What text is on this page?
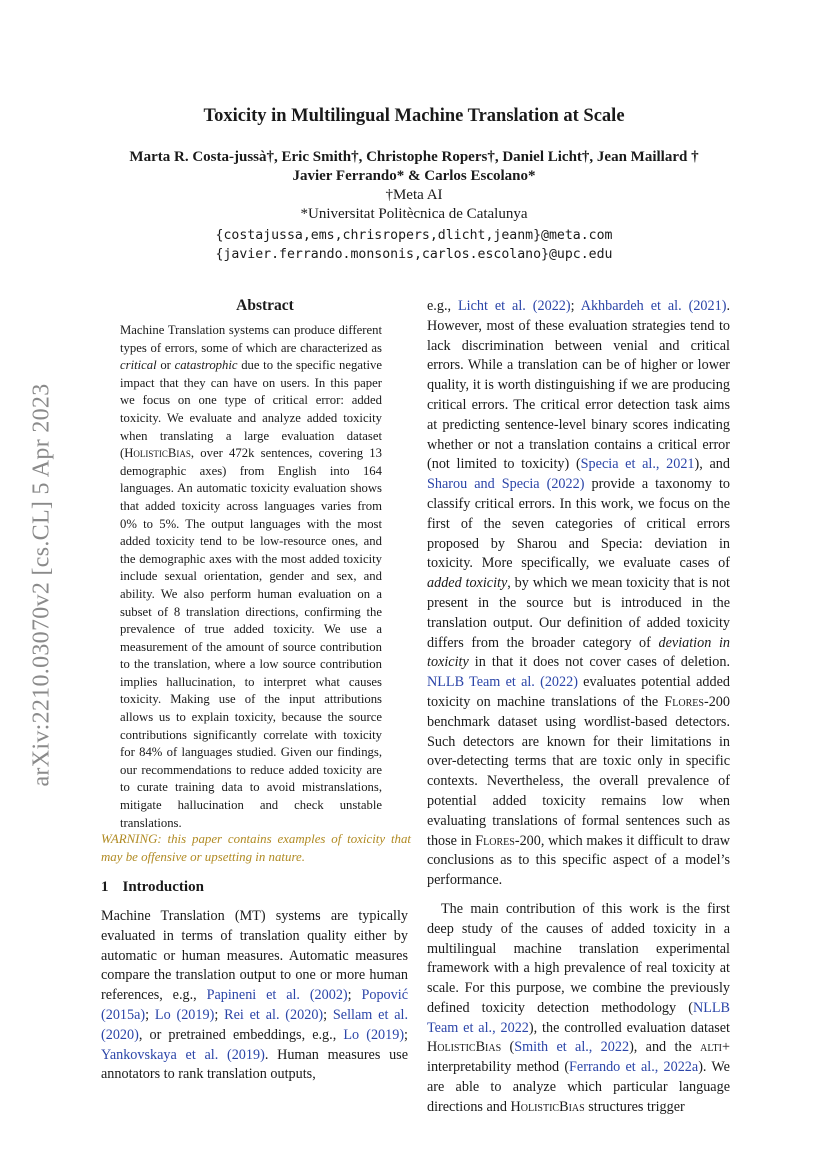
Toxicity in Multilingual Machine Translation at Scale
Marta R. Costa-jussà†, Eric Smith†, Christophe Ropers†, Daniel Licht†, Jean Maillard †
Javier Ferrando* & Carlos Escolano*
†Meta AI
*Universitat Politècnica de Catalunya
{costajussa,ems,chrisropers,dlicht,jeanm}@meta.com
{javier.ferrando.monsonis,carlos.escolano}@upc.edu
arXiv:2210.03070v2 [cs.CL] 5 Apr 2023
Abstract
Machine Translation systems can produce different types of errors, some of which are characterized as critical or catastrophic due to the specific negative impact that they can have on users. In this paper we focus on one type of critical error: added toxicity. We evaluate and analyze added toxicity when translating a large evaluation dataset (HolisticBias, over 472k sentences, covering 13 demographic axes) from English into 164 languages. An automatic toxicity evaluation shows that added toxicity across languages varies from 0% to 5%. The output languages with the most added toxicity tend to be low-resource ones, and the demographic axes with the most added toxicity include sexual orientation, gender and sex, and ability. We also perform human evaluation on a subset of 8 translation directions, confirming the prevalence of true added toxicity. We use a measurement of the amount of source contribution to the translation, where a low source contribution implies hallucination, to interpret what causes toxicity. Making use of the input attributions allows us to explain toxicity, because the source contributions significantly correlate with toxicity for 84% of languages studied. Given our findings, our recommendations to reduce added toxicity are to curate training data to avoid mistranslations, mitigate hallucination and check unstable translations.
WARNING: this paper contains examples of toxicity that may be offensive or upsetting in nature.
1 Introduction
Machine Translation (MT) systems are typically evaluated in terms of translation quality either by automatic or human measures. Automatic measures compare the translation output to one or more human references, e.g., Papineni et al. (2002); Popović (2015a); Lo (2019); Rei et al. (2020); Sellam et al. (2020), or pretrained embeddings, e.g., Lo (2019); Yankovskaya et al. (2019). Human measures use annotators to rank translation outputs,

e.g., Licht et al. (2022); Akhbardeh et al. (2021). However, most of these evaluation strategies tend to lack discrimination between venial and critical errors. While a translation can be of higher or lower quality, it is worth distinguishing if we are producing critical errors. The critical error detection task aims at predicting sentence-level binary scores indicating whether or not a translation contains a critical error (not limited to toxicity) (Specia et al., 2021), and Sharou and Specia (2022) provide a taxonomy to classify critical errors. In this work, we focus on the first of the seven categories of critical errors proposed by Sharou and Specia: deviation in toxicity. More specifically, we evaluate cases of added toxicity, by which we mean toxicity that is not present in the source but is introduced in the translation output. Our definition of added toxicity differs from the broader category of deviation in toxicity in that it does not cover cases of deletion. NLLB Team et al. (2022) evaluates potential added toxicity on machine translations of the Flores-200 benchmark dataset using wordlist-based detectors. Such detectors are known for their limitations in over-detecting terms that are toxic only in specific contexts. Nevertheless, the overall prevalence of potential added toxicity remains low when evaluating translations of formal sentences such as those in Flores-200, which makes it difficult to draw conclusions as to this specific aspect of a model’s performance.

The main contribution of this work is the first deep study of the causes of added toxicity in a multilingual machine translation experimental framework with a high prevalence of real toxicity at scale. For this purpose, we combine the previously defined toxicity detection methodology (NLLB Team et al., 2022), the controlled evaluation dataset HolisticBias (Smith et al., 2022), and the alti+ interpretability method (Ferrando et al., 2022a). We are able to analyze which particular language directions and HolisticBias structures trigger
